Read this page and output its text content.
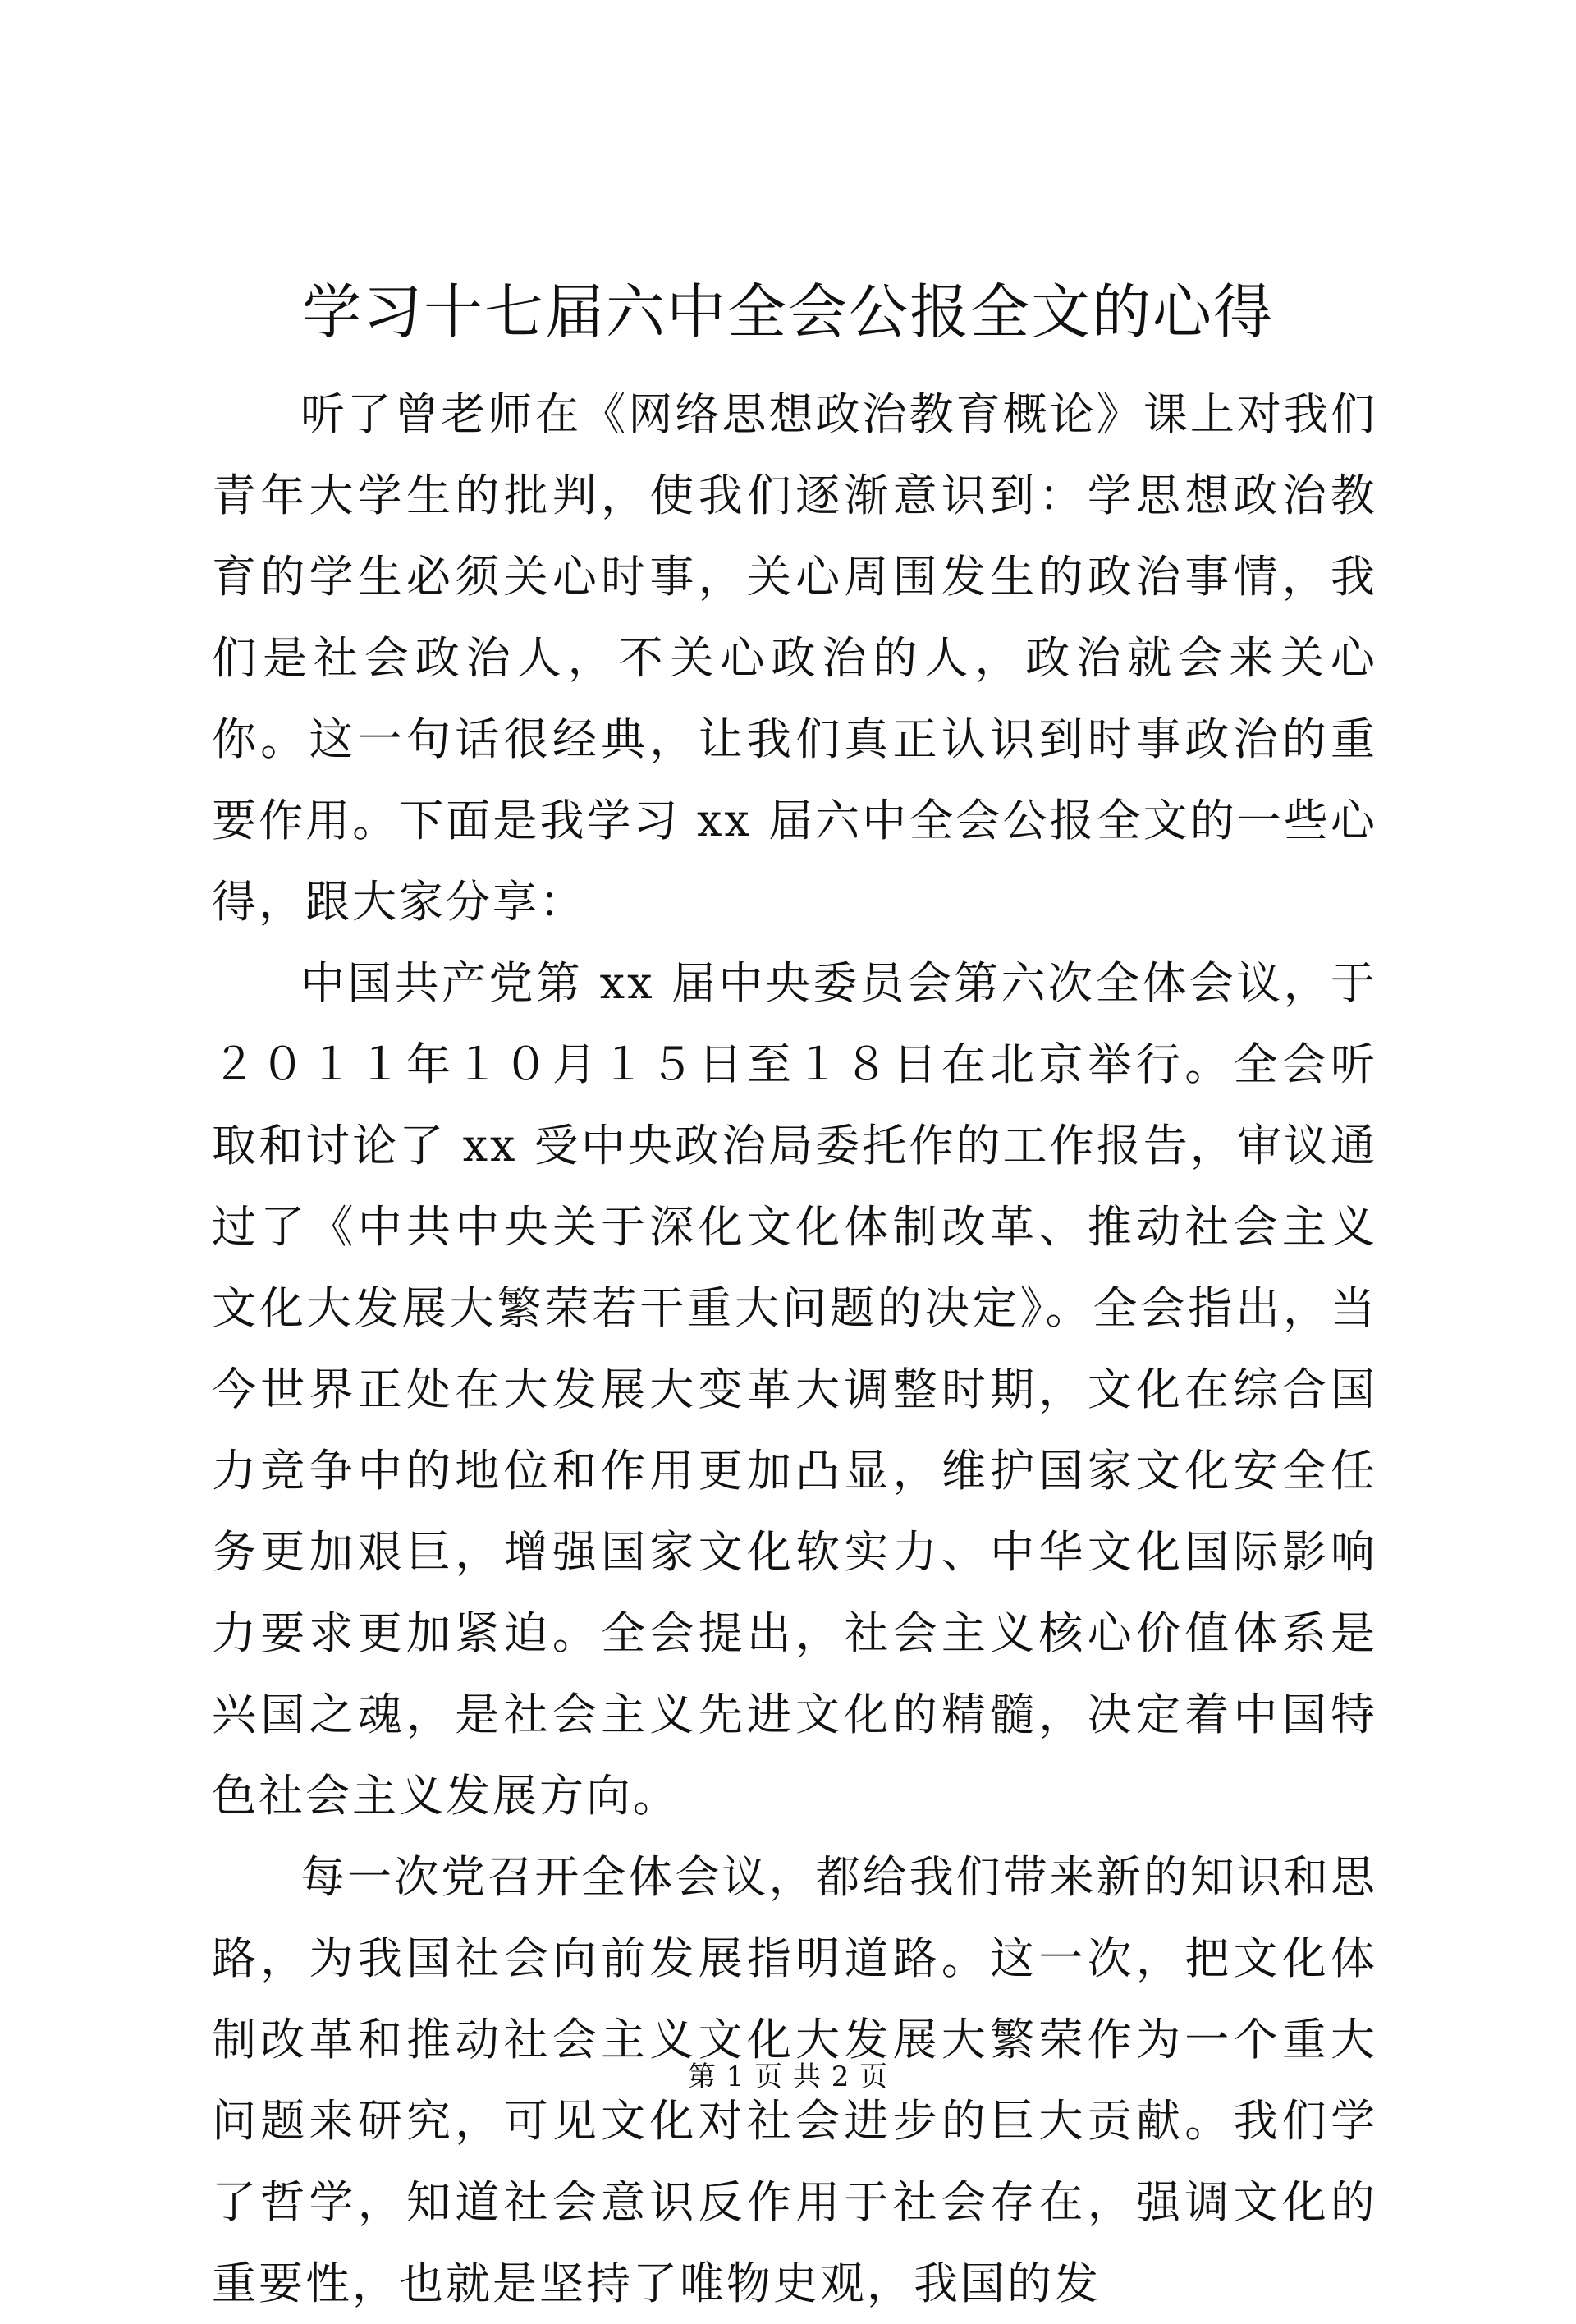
学习十七届六中全会公报全文的心得

听了曾老师在《网络思想政治教育概论》课上对我们青年大学生的批判，使我们逐渐意识到：学思想政治教育的学生必须关心时事，关心周围发生的政治事情，我们是社会政治人，不关心政治的人，政治就会来关心你。这一句话很经典，让我们真正认识到时事政治的重要作用。下面是我学习 xx 届六中全会公报全文的一些心得，跟大家分享：

中国共产党第 xx 届中央委员会第六次全体会议，于２０１１年１０月１５日至１８日在北京举行。全会听取和讨论了 xx 受中央政治局委托作的工作报告，审议通过了《中共中央关于深化文化体制改革、推动社会主义文化大发展大繁荣若干重大问题的决定》。全会指出，当今世界正处在大发展大变革大调整时期，文化在综合国力竞争中的地位和作用更加凸显，维护国家文化安全任务更加艰巨，增强国家文化软实力、中华文化国际影响力要求更加紧迫。全会提出，社会主义核心价值体系是兴国之魂，是社会主义先进文化的精髓，决定着中国特色社会主义发展方向。

每一次党召开全体会议，都给我们带来新的知识和思路，为我国社会向前发展指明道路。这一次，把文化体制改革和推动社会主义文化大发展大繁荣作为一个重大问题来研究，可见文化对社会进步的巨大贡献。我们学了哲学，知道社会意识反作用于社会存在，强调文化的重要性，也就是坚持了唯物史观，我国的发

第 1 页 共 2 页
